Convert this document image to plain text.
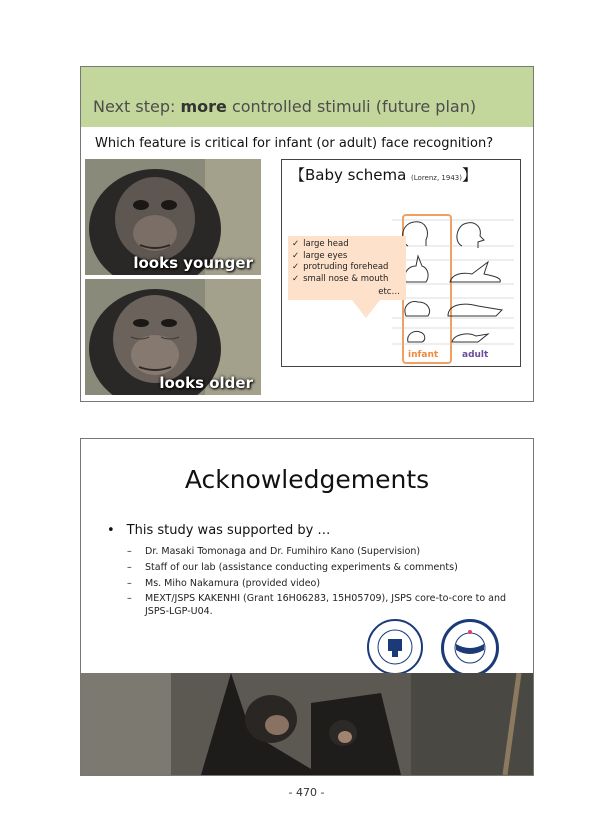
Next step: more controlled stimuli (future plan)
Which feature is critical for infant (or adult) face recognition?
looks younger
looks older
【Baby schema (Lorenz, 1943)】
✓ large head
✓ large eyes
✓ protruding forehead
✓ small nose & mouth
etc…
infant	adult
Acknowledgements
• This study was supported by …
–	Dr. Masaki Tomonaga and Dr. Fumihiro Kano (Supervision)
–	Staff of our lab (assistance conducting experiments & comments)
–	Ms. Miho Nakamura (provided video)
–	MEXT/JSPS KAKENHI (Grant 16H06283, 15H05709), JSPS core-to-core to and JSPS-LGP-U04.
- 470 -
